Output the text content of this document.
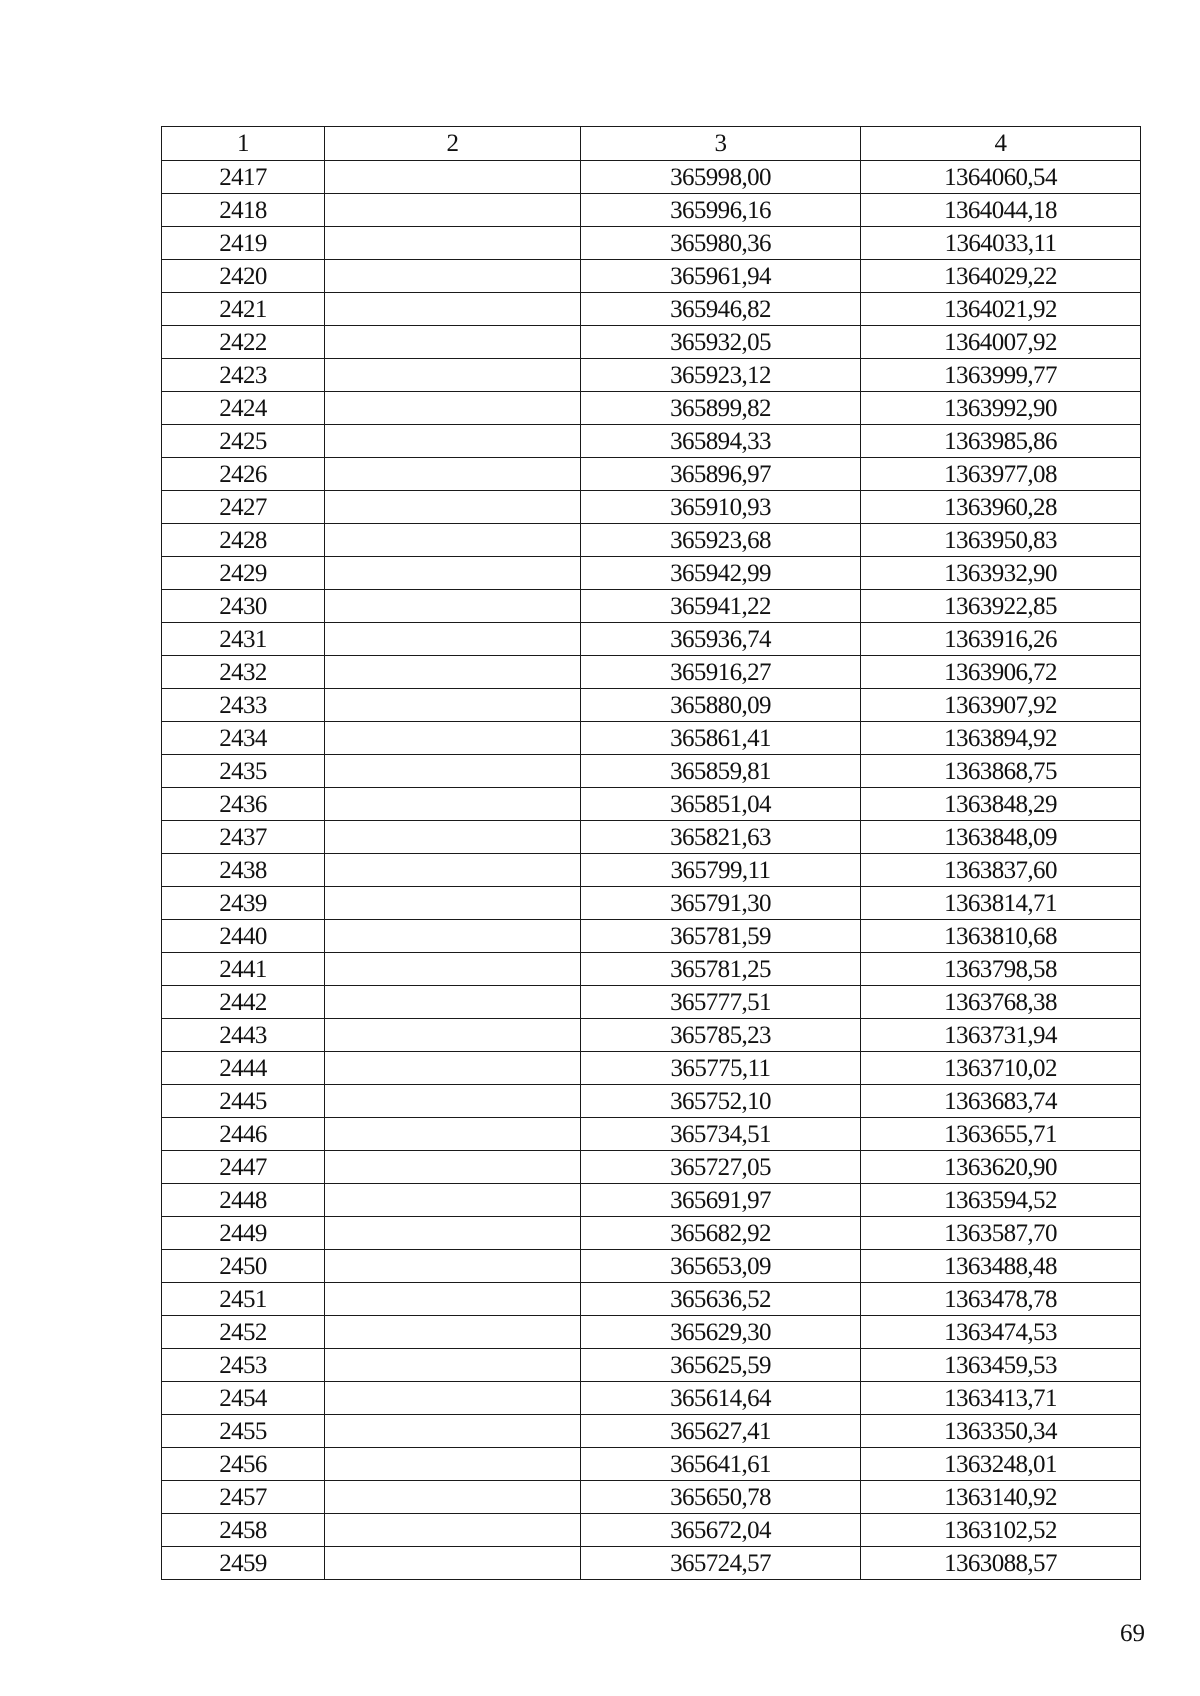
1	2	3	4
2417		365998,00	1364060,54
2418		365996,16	1364044,18
2419		365980,36	1364033,11
2420		365961,94	1364029,22
2421		365946,82	1364021,92
2422		365932,05	1364007,92
2423		365923,12	1363999,77
2424		365899,82	1363992,90
2425		365894,33	1363985,86
2426		365896,97	1363977,08
2427		365910,93	1363960,28
2428		365923,68	1363950,83
2429		365942,99	1363932,90
2430		365941,22	1363922,85
2431		365936,74	1363916,26
2432		365916,27	1363906,72
2433		365880,09	1363907,92
2434		365861,41	1363894,92
2435		365859,81	1363868,75
2436		365851,04	1363848,29
2437		365821,63	1363848,09
2438		365799,11	1363837,60
2439		365791,30	1363814,71
2440		365781,59	1363810,68
2441		365781,25	1363798,58
2442		365777,51	1363768,38
2443		365785,23	1363731,94
2444		365775,11	1363710,02
2445		365752,10	1363683,74
2446		365734,51	1363655,71
2447		365727,05	1363620,90
2448		365691,97	1363594,52
2449		365682,92	1363587,70
2450		365653,09	1363488,48
2451		365636,52	1363478,78
2452		365629,30	1363474,53
2453		365625,59	1363459,53
2454		365614,64	1363413,71
2455		365627,41	1363350,34
2456		365641,61	1363248,01
2457		365650,78	1363140,92
2458		365672,04	1363102,52
2459		365724,57	1363088,57
69
